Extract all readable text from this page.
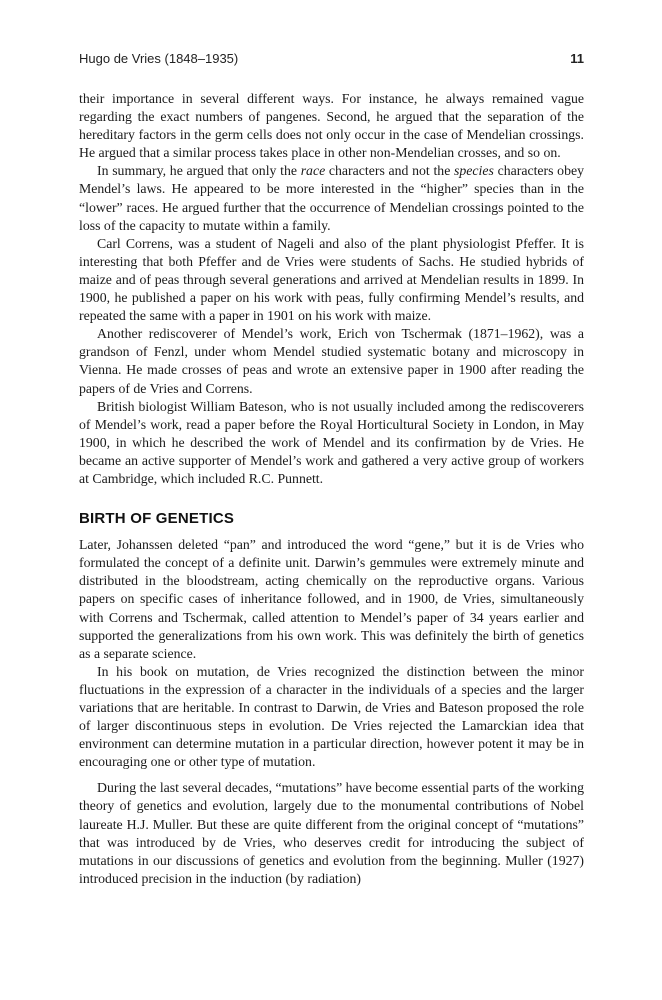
Hugo de Vries (1848–1935)	11

their importance in several different ways. For instance, he always remained vague regarding the exact numbers of pangenes. Second, he argued that the separation of the hereditary factors in the germ cells does not only occur in the case of Mendelian crossings. He argued that a similar process takes place in other non-Mendelian crosses, and so on.

In summary, he argued that only the race characters and not the species characters obey Mendel’s laws. He appeared to be more interested in the “higher” species than in the “lower” races. He argued further that the occurrence of Mendelian crossings pointed to the loss of the capacity to mutate within a family.

Carl Correns, was a student of Nageli and also of the plant physiologist Pfeffer. It is interesting that both Pfeffer and de Vries were students of Sachs. He studied hybrids of maize and of peas through several generations and arrived at Mendelian results in 1899. In 1900, he published a paper on his work with peas, fully confirming Mendel’s results, and repeated the same with a paper in 1901 on his work with maize.

Another rediscoverer of Mendel’s work, Erich von Tschermak (1871–1962), was a grandson of Fenzl, under whom Mendel studied systematic botany and microscopy in Vienna. He made crosses of peas and wrote an extensive paper in 1900 after reading the papers of de Vries and Correns.

British biologist William Bateson, who is not usually included among the rediscoverers of Mendel’s work, read a paper before the Royal Horticultural Society in London, in May 1900, in which he described the work of Mendel and its confirmation by de Vries. He became an active supporter of Mendel’s work and gathered a very active group of workers at Cambridge, which included R.C. Punnett.

BIRTH OF GENETICS

Later, Johanssen deleted “pan” and introduced the word “gene,” but it is de Vries who formulated the concept of a definite unit. Darwin’s gemmules were extremely minute and distributed in the bloodstream, acting chemically on the reproductive organs. Various papers on specific cases of inheritance followed, and in 1900, de Vries, simultaneously with Correns and Tschermak, called attention to Mendel’s paper of 34 years earlier and supported the generalizations from his own work. This was definitely the birth of genetics as a separate science.

In his book on mutation, de Vries recognized the distinction between the minor fluctuations in the expression of a character in the individuals of a species and the larger variations that are heritable. In contrast to Darwin, de Vries and Bateson proposed the role of larger discontinuous steps in evolution. De Vries rejected the Lamarckian idea that environment can determine mutation in a particular direction, however potent it may be in encouraging one or other type of mutation.

During the last several decades, “mutations” have become essential parts of the working theory of genetics and evolution, largely due to the monumental contributions of Nobel laureate H.J. Muller. But these are quite different from the original concept of “mutations” that was introduced by de Vries, who deserves credit for introducing the subject of mutations in our discussions of genetics and evolution from the beginning. Muller (1927) introduced precision in the induction (by radiation)
